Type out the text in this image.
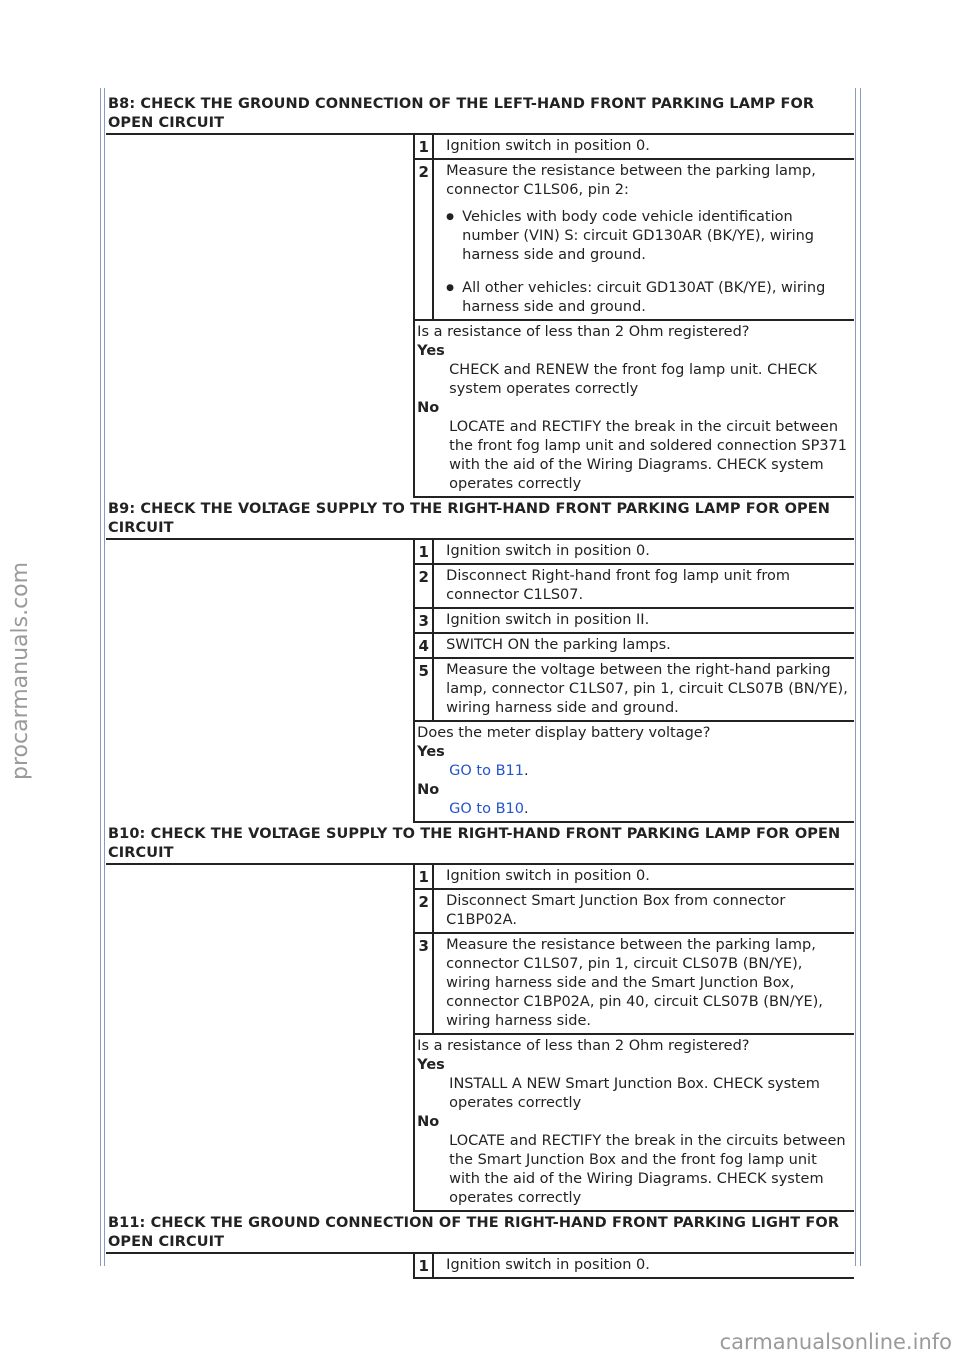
B8: CHECK THE GROUND CONNECTION OF THE LEFT-HAND FRONT PARKING LAMP FOR OPEN CIRCUIT
1	Ignition switch in position 0.
2	Measure the resistance between the parking lamp, connector C1LS06, pin 2:
● Vehicles with body code vehicle identification number (VIN) S: circuit GD130AR (BK/YE), wiring harness side and ground.
● All other vehicles: circuit GD130AT (BK/YE), wiring harness side and ground.
Is a resistance of less than 2 Ohm registered?
Yes
CHECK and RENEW the front fog lamp unit. CHECK system operates correctly
No
LOCATE and RECTIFY the break in the circuit between the front fog lamp unit and soldered connection SP371 with the aid of the Wiring Diagrams. CHECK system operates correctly
B9: CHECK THE VOLTAGE SUPPLY TO THE RIGHT-HAND FRONT PARKING LAMP FOR OPEN CIRCUIT
1	Ignition switch in position 0.
2	Disconnect Right-hand front fog lamp unit from connector C1LS07.
3	Ignition switch in position II.
4	SWITCH ON the parking lamps.
5	Measure the voltage between the right-hand parking lamp, connector C1LS07, pin 1, circuit CLS07B (BN/YE), wiring harness side and ground.
Does the meter display battery voltage?
Yes
GO to B11.
No
GO to B10.
B10: CHECK THE VOLTAGE SUPPLY TO THE RIGHT-HAND FRONT PARKING LAMP FOR OPEN CIRCUIT
1	Ignition switch in position 0.
2	Disconnect Smart Junction Box from connector C1BP02A.
3	Measure the resistance between the parking lamp, connector C1LS07, pin 1, circuit CLS07B (BN/YE), wiring harness side and the Smart Junction Box, connector C1BP02A, pin 40, circuit CLS07B (BN/YE), wiring harness side.
Is a resistance of less than 2 Ohm registered?
Yes
INSTALL A NEW Smart Junction Box. CHECK system operates correctly
No
LOCATE and RECTIFY the break in the circuits between the Smart Junction Box and the front fog lamp unit with the aid of the Wiring Diagrams. CHECK system operates correctly
B11: CHECK THE GROUND CONNECTION OF THE RIGHT-HAND FRONT PARKING LIGHT FOR OPEN CIRCUIT
1	Ignition switch in position 0.
procarmanuals.com
carmanualsonline.info
